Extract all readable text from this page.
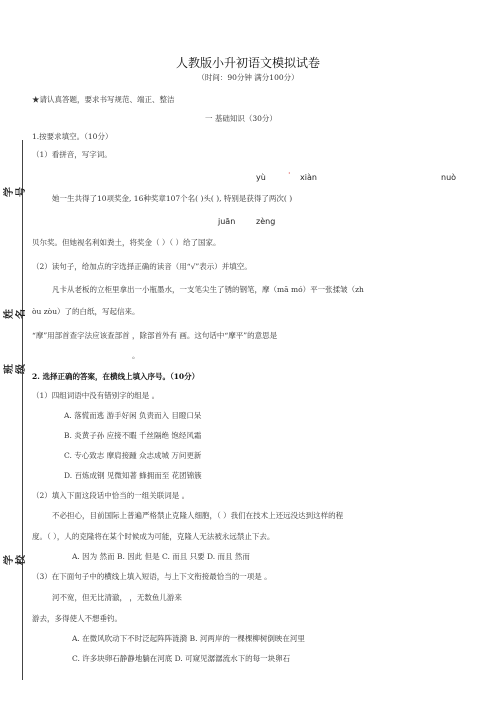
学号
姓名
班级
学校
人教版小升初语文模拟试卷
（时间：90分钟 满分100分）
★请认真答题，要求书写规范、端正、整洁
一 基础知识（30分）
1.按要求填空。（10分）
（1）看拼音，写字词。
yù	· xiàn	nuò
她一生共得了10项奖金, 16种奖章107个名( )头( ), 特别是获得了两次( )
juān	zèng
贝尔奖。但她视名利如粪土，将奖金（ ）（ ）给了国家。
（2）读句子，给加点的字选择正确的读音（用“√”表示）并填空。
凡卡从老板的立柜里拿出一小瓶墨水，一支笔尖生了锈的钢笔，摩（mā mó）平一张揉皱（zh
òu zòu）了的白纸，写起信来。
“摩”用部首查字法应该查部首 ，除部首外有 画。这句话中“摩平”的意思是
。
2. 选择正确的答案，在横线上填入序号。（10分）
（1）四组词语中没有错别字的组是 。
A. 落慌而逃 游手好闲 负责而入 目瞪口呆
B. 炎黄子孙 应接不暇 千丝隔绝 饱经风霜
C. 专心致志 摩肩接踵 众志成城 万问更新
D. 百炼成钢 见微知著 蜂拥而至 花团锦簇
（2）填入下面这段话中恰当的一组关联词是 。
不必担心，目前国际上普遍严格禁止克隆人细胞，（ ）我们在技术上还远没达到这样的程
度。（ ），人的克隆将在某个时候成为可能，克隆人无法被永远禁止下去。
A. 因为 然而 B. 因此 但是 C. 而且 只要 D. 而且 然而
（3）在下面句子中的横线上填入短语，与上下文衔接最恰当的一项是 。
河不宽，但无比清澈， ，无数鱼儿游来
游去，多得使人不想垂钓。
A. 在微风吹动下不时泛起阵阵涟漪 B. 河两岸的一棵棵柳树倒映在河里
C. 许多块卵石静静地躺在河底 D. 可窥见潺潺流水下的每一块卵石
